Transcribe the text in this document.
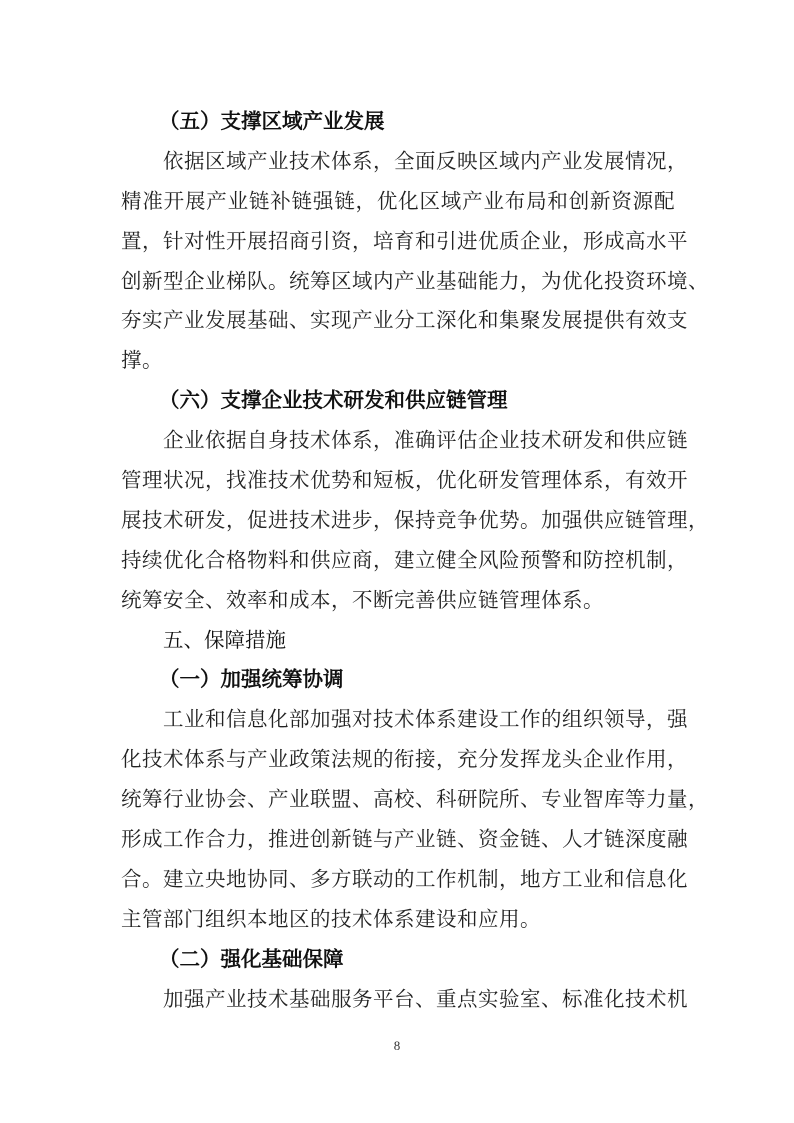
（五）支撑区域产业发展
依据区域产业技术体系，全面反映区域内产业发展情况，
精准开展产业链补链强链，优化区域产业布局和创新资源配
置，针对性开展招商引资，培育和引进优质企业，形成高水平
创新型企业梯队。统筹区域内产业基础能力，为优化投资环境、
夯实产业发展基础、实现产业分工深化和集聚发展提供有效支
撑。
（六）支撑企业技术研发和供应链管理
企业依据自身技术体系，准确评估企业技术研发和供应链
管理状况，找准技术优势和短板，优化研发管理体系，有效开
展技术研发，促进技术进步，保持竞争优势。加强供应链管理，
持续优化合格物料和供应商，建立健全风险预警和防控机制，
统筹安全、效率和成本，不断完善供应链管理体系。
五、保障措施
（一）加强统筹协调
工业和信息化部加强对技术体系建设工作的组织领导，强
化技术体系与产业政策法规的衔接，充分发挥龙头企业作用，
统筹行业协会、产业联盟、高校、科研院所、专业智库等力量，
形成工作合力，推进创新链与产业链、资金链、人才链深度融
合。建立央地协同、多方联动的工作机制，地方工业和信息化
主管部门组织本地区的技术体系建设和应用。
（二）强化基础保障
加强产业技术基础服务平台、重点实验室、标准化技术机
8
